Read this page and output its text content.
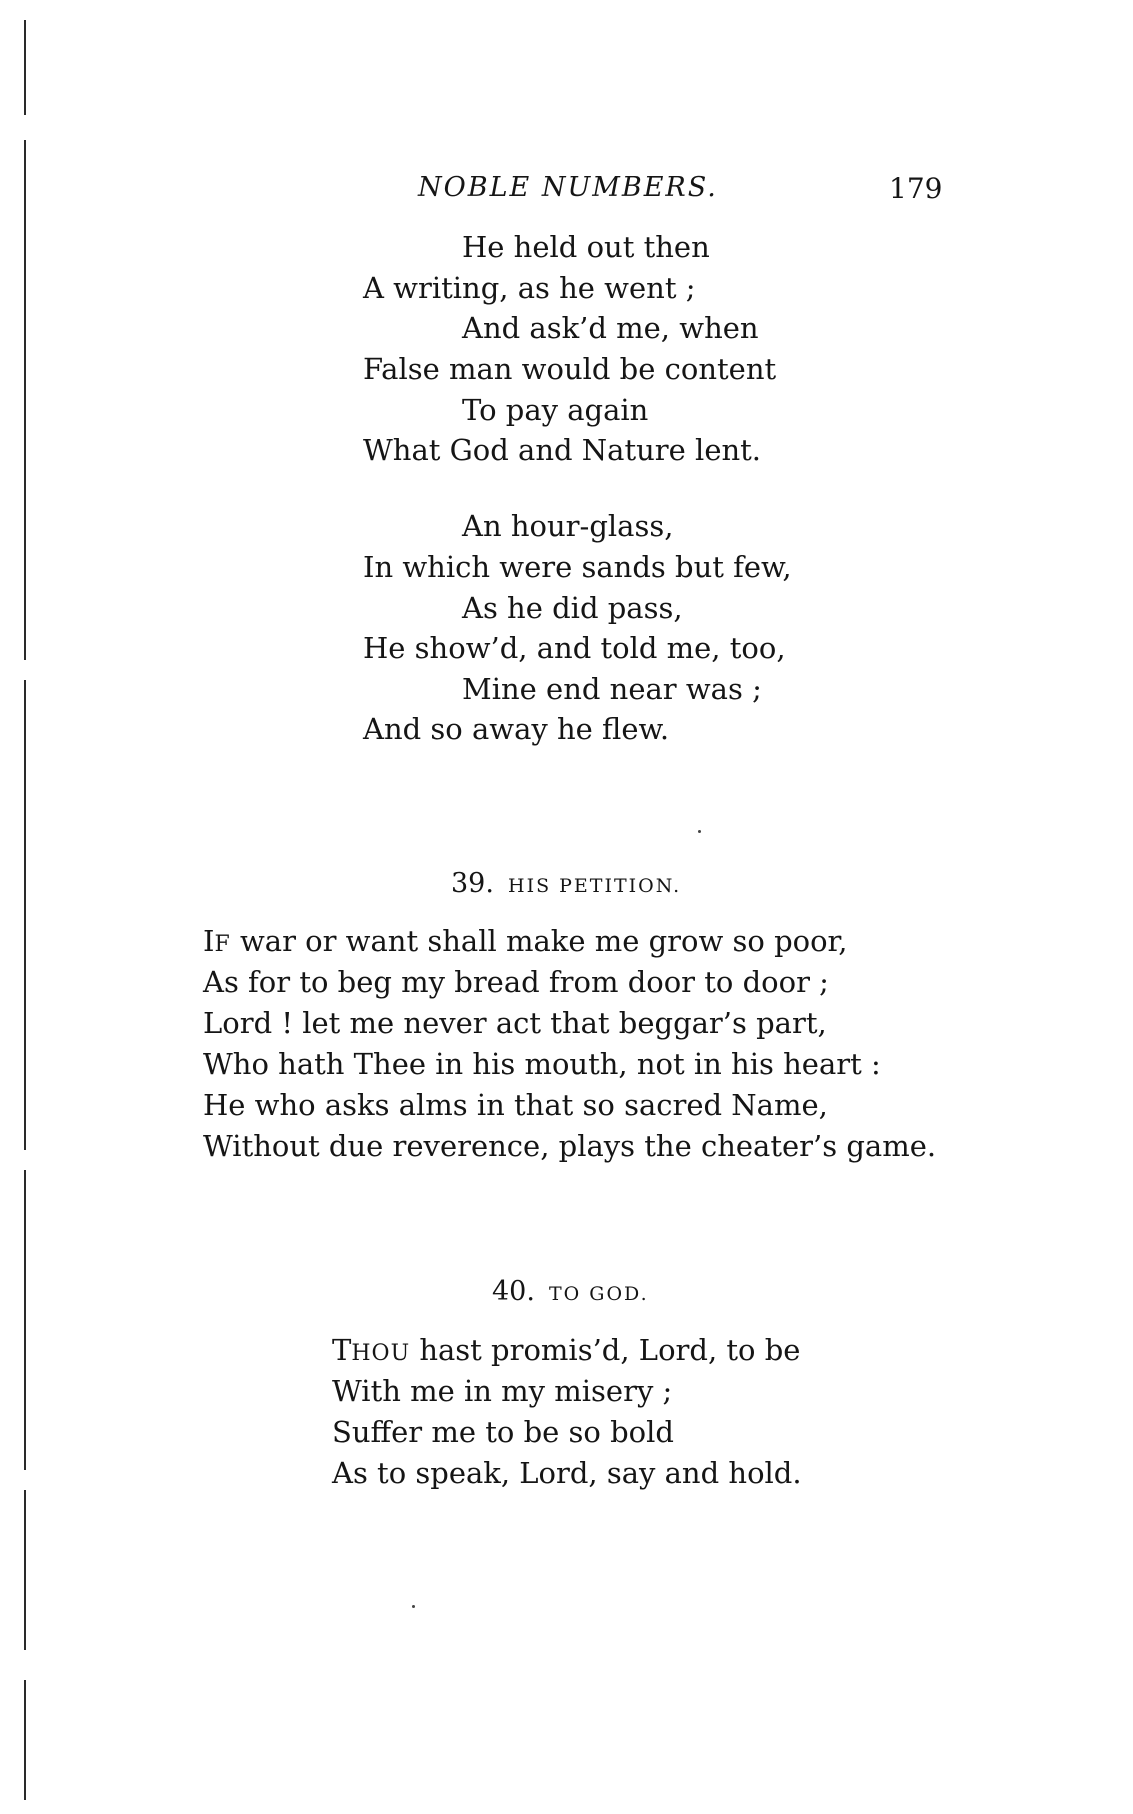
NOBLE NUMBERS.	179
He held out then
A writing, as he went ;
And ask’d me, when
False man would be content
To pay again
What God and Nature lent.
An hour-glass,
In which were sands but few,
As he did pass,
He show’d, and told me, too,
Mine end near was ;
And so away he flew.
39. HIS PETITION.
IF war or want shall make me grow so poor,
As for to beg my bread from door to door ;
Lord ! let me never act that beggar’s part,
Who hath Thee in his mouth, not in his heart :
He who asks alms in that so sacred Name,
Without due reverence, plays the cheater’s game.
40. TO GOD.
THOU hast promis’d, Lord, to be
With me in my misery ;
Suffer me to be so bold
As to speak, Lord, say and hold.
